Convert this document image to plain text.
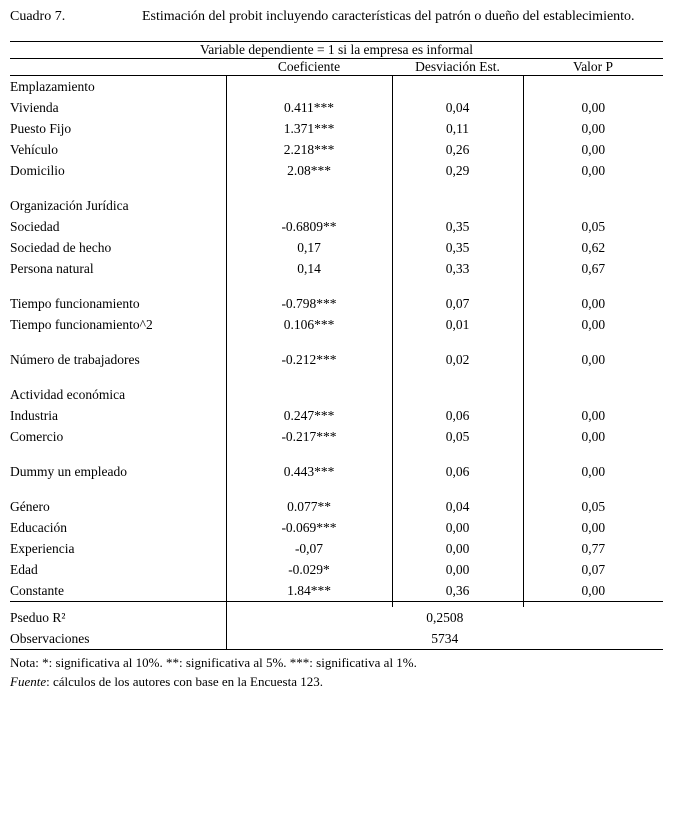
Cuadro 7.	Estimación del probit incluyendo características del patrón o dueño del establecimiento.
Variable dependiente = 1 si la empresa es informal			
	Coeficiente	Desviación Est.	Valor P
Emplazamiento			
Vivienda	0.411***	0,04	0,00
Puesto Fijo	1.371***	0,11	0,00
Vehículo	2.218***	0,26	0,00
Domicilio	2.08***	0,29	0,00

Organización Jurídica			
Sociedad	-0.6809**	0,35	0,05
Sociedad de hecho	0,17	0,35	0,62
Persona natural	0,14	0,33	0,67

Tiempo funcionamiento	-0.798***	0,07	0,00
Tiempo funcionamiento^2	0.106***	0,01	0,00

Número de trabajadores	-0.212***	0,02	0,00

Actividad económica			
Industria	0.247***	0,06	0,00
Comercio	-0.217***	0,05	0,00

Dummy un empleado	0.443***	0,06	0,00

Género	0.077**	0,04	0,05
Educación	-0.069***	0,00	0,00
Experiencia	-0,07	0,00	0,77
Edad	-0.029*	0,00	0,07
Constante	1.84***	0,36	0,00

Pseduo R²	0,2508		
Observaciones	5734		

Nota: *: significativa al 10%. **: significativa al 5%. ***: significativa al 1%.
Fuente: cálculos de los autores con base en la Encuesta 123.
